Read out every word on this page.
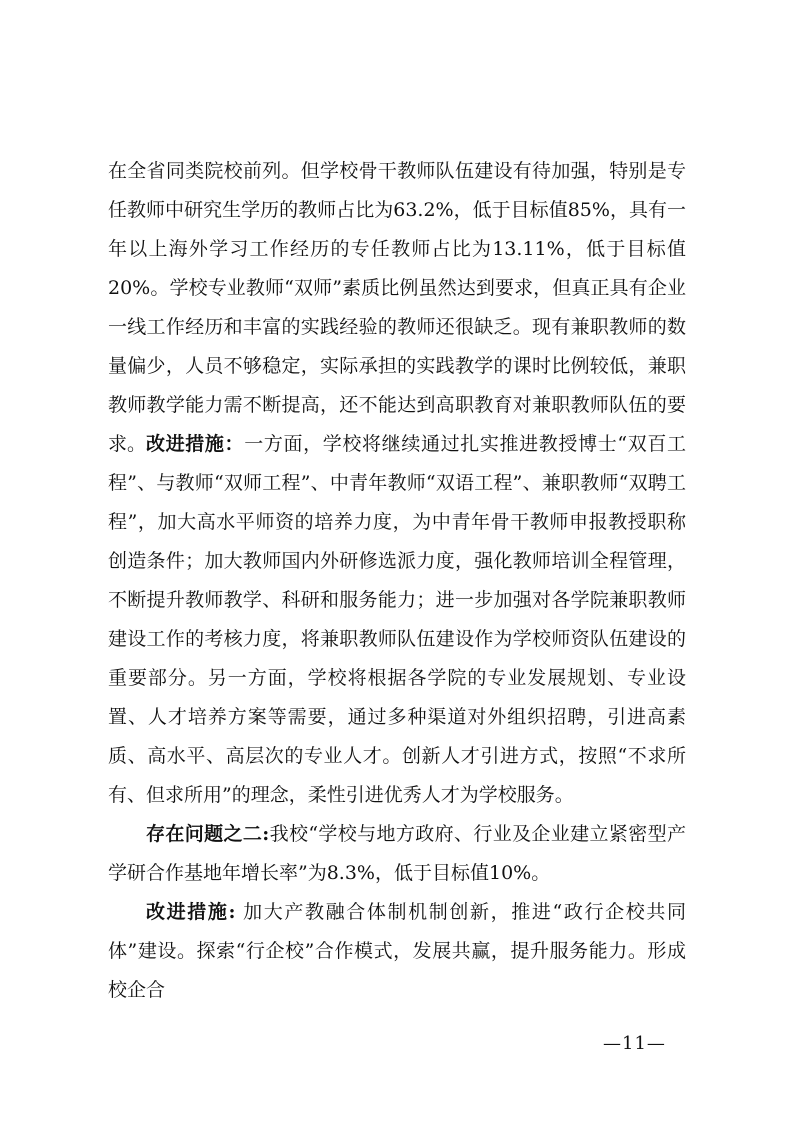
在全省同类院校前列。但学校骨干教师队伍建设有待加强，特别是专任教师中研究生学历的教师占比为63.2%，低于目标值85%，具有一年以上海外学习工作经历的专任教师占比为13.11%，低于目标值20%。学校专业教师“双师”素质比例虽然达到要求，但真正具有企业一线工作经历和丰富的实践经验的教师还很缺乏。现有兼职教师的数量偏少，人员不够稳定，实际承担的实践教学的课时比例较低，兼职教师教学能力需不断提高，还不能达到高职教育对兼职教师队伍的要求。 改进措施：一方面，学校将继续通过扎实推进教授博士“双百工程”、与教师“双师工程”、中青年教师“双语工程”、兼职教师“双聘工程”，加大高水平师资的培养力度，为中青年骨干教师申报教授职称创造条件；加大教师国内外研修选派力度，强化教师培训全程管理，不断提升教师教学、科研和服务能力；进一步加强对各学院兼职教师建设工作的考核力度，将兼职教师队伍建设作为学校师资队伍建设的重要部分。另一方面，学校将根据各学院的专业发展规划、专业设置、人才培养方案等需要，通过多种渠道对外组织招聘，引进高素质、高水平、高层次的专业人才。创新人才引进方式，按照“不求所有、但求所用”的理念，柔性引进优秀人才为学校服务。

存在问题之二:我校“学校与地方政府、行业及企业建立紧密型产学研合作基地年增长率”为8.3%，低于目标值10%。

改进措施: 加大产教融合体制机制创新，推进“政行企校共同体”建设。探索“行企校”合作模式，发展共赢，提升服务能力。形成校企合

—11—
